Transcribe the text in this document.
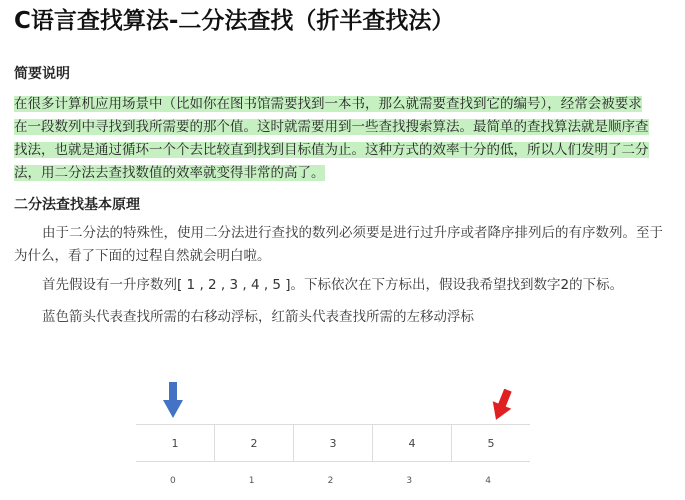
C语言查找算法-二分法查找（折半查找法）
简要说明
在很多计算机应用场景中（比如你在图书馆需要找到一本书，那么就需要查找到它的编号），经常会被要求在一段数列中寻找到我所需要的那个值。这时就需要用到一些查找搜索算法。最简单的查找算法就是顺序查找法，也就是通过循环一个个去比较直到找到目标值为止。这种方式的效率十分的低，所以人们发明了二分法，用二分法去查找数值的效率就变得非常的高了。
二分法查找基本原理

由于二分法的特殊性，使用二分法进行查找的数列必须要是进行过升序或者降序排列后的有序数列。至于为什么，看了下面的过程自然就会明白啦。

首先假设有一升序数列[ 1 , 2 , 3 , 4 , 5 ]。下标依次在下方标出，假设我希望找到数字2的下标。

蓝色箭头代表查找所需的右移动浮标，红箭头代表查找所需的左移动浮标

1	2	3	4	5
0	1	2	3	4
